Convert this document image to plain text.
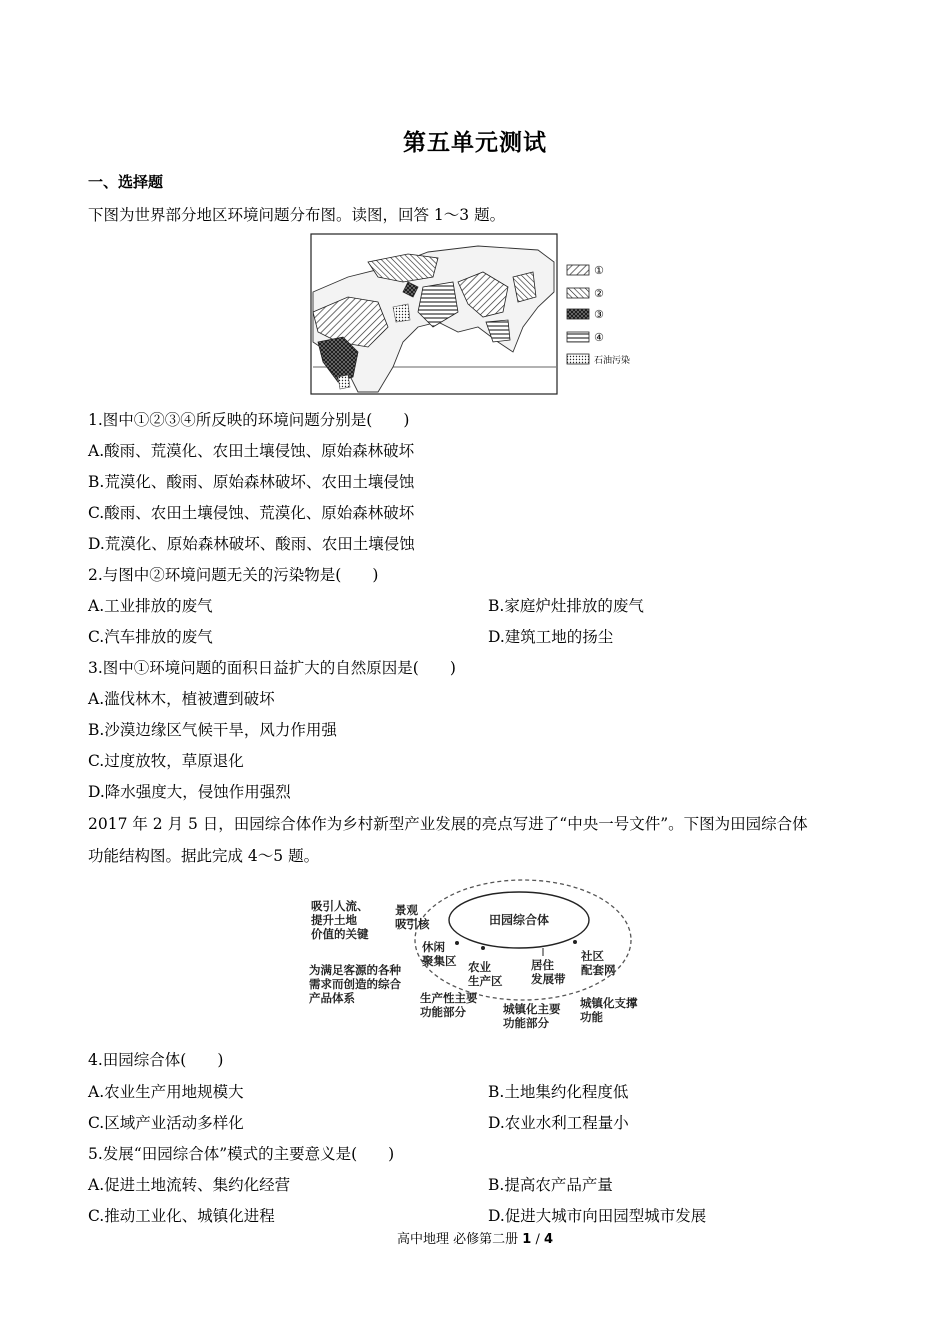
第五单元测试
一、选择题
下图为世界部分地区环境问题分布图。读图，回答 1～3 题。
①
②
③
④
石油污染
1.图中①②③④所反映的环境问题分别是(　　)
A.酸雨、荒漠化、农田土壤侵蚀、原始森林破坏
B.荒漠化、酸雨、原始森林破坏、农田土壤侵蚀
C.酸雨、农田土壤侵蚀、荒漠化、原始森林破坏
D.荒漠化、原始森林破坏、酸雨、农田土壤侵蚀
2.与图中②环境问题无关的污染物是(　　)
A.工业排放的废气	B.家庭炉灶排放的废气
C.汽车排放的废气	D.建筑工地的扬尘
3.图中①环境问题的面积日益扩大的自然原因是(　　)
A.滥伐林木，植被遭到破坏
B.沙漠边缘区气候干旱，风力作用强
C.过度放牧，草原退化
D.降水强度大，侵蚀作用强烈
2017 年 2 月 5 日，田园综合体作为乡村新型产业发展的亮点写进了“中央一号文件”。下图为田园综合体
功能结构图。据此完成 4～5 题。
田园综合体
吸引人流、
提升土地
价值的关键
为满足客源的各种
需求而创造的综合
产品体系
景观
吸引核
休闲
聚集区 农业
生产区
居住
发展带
社区
配套网
生产性主要
功能部分	城镇化主要
功能部分
城镇化支撑
功能
4.田园综合体(　　)
A.农业生产用地规模大	B.土地集约化程度低
C.区域产业活动多样化	D.农业水利工程量小
5.发展“田园综合体”模式的主要意义是(　　)
A.促进土地流转、集约化经营	B.提高农产品产量
C.推动工业化、城镇化进程	D.促进大城市向田园型城市发展
高中地理 必修第二册 1 / 4
